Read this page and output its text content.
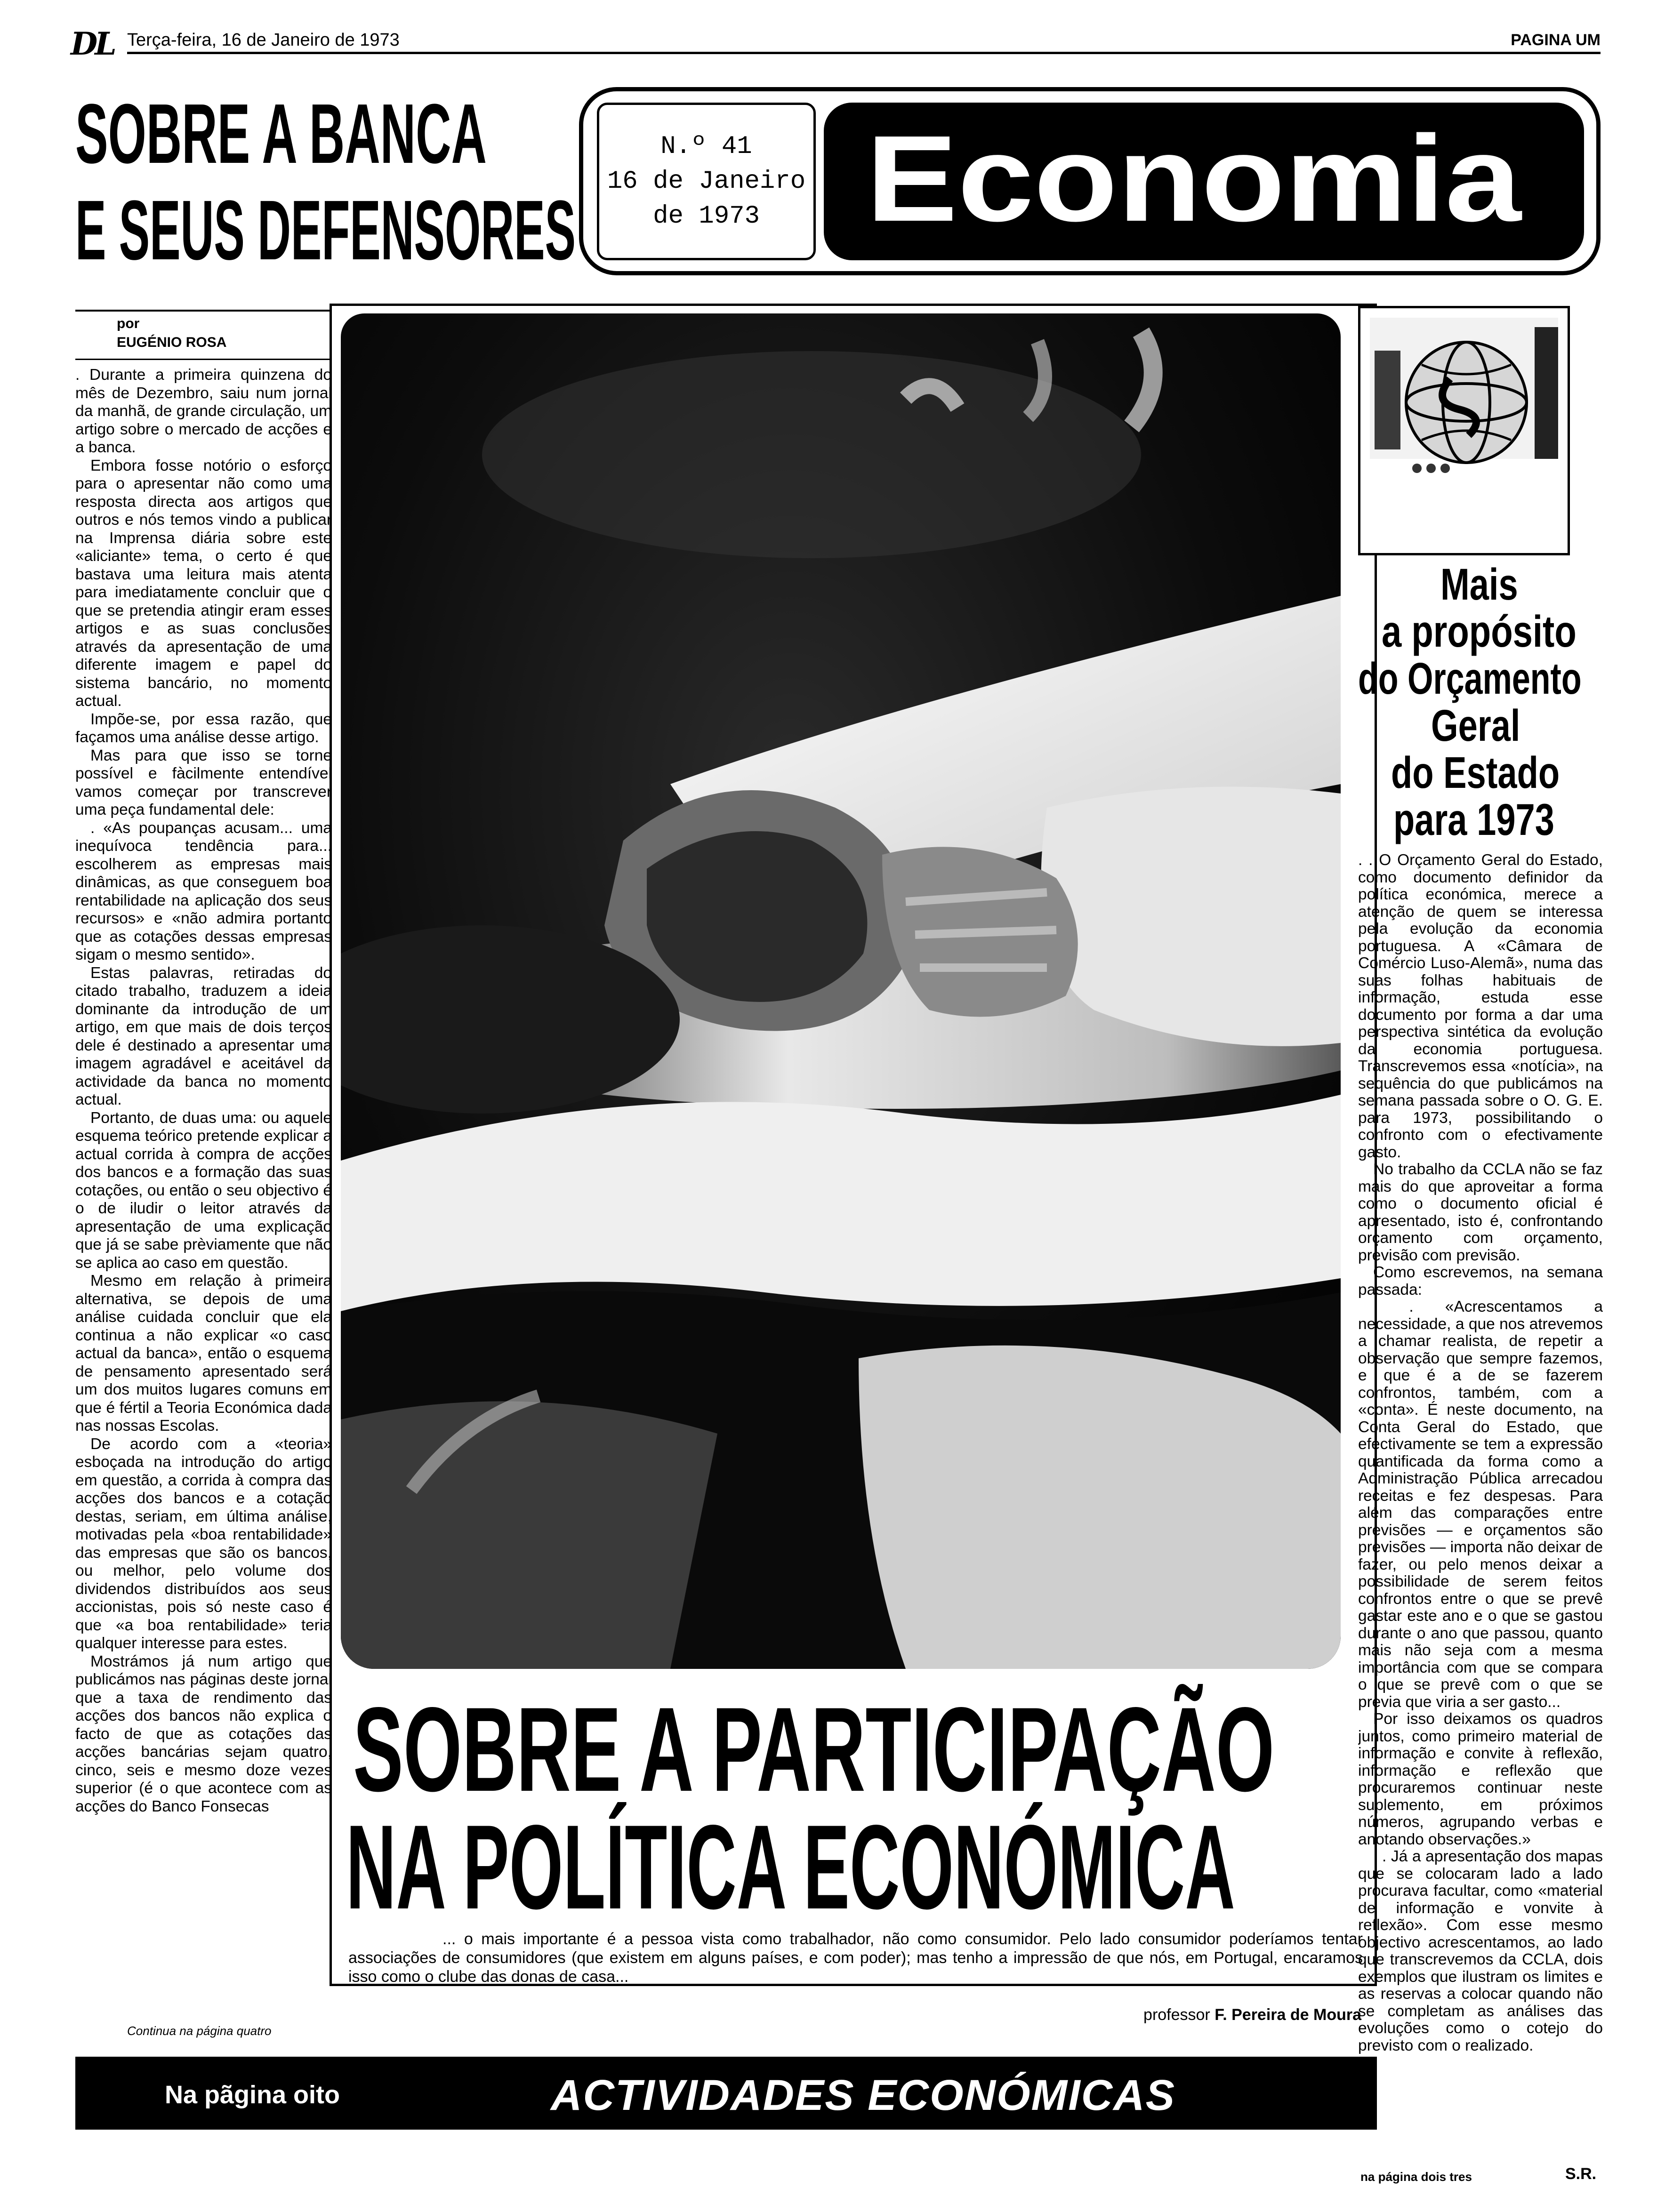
DL Terça-feira, 16 de Janeiro de 1973	PAGINA UM
SOBRE A BANCA
E SEUS DEFENSORES
N.º 41
16 de Janeiro
de 1973 Economia
por
EUGÉNIO ROSA

. Durante a primeira quinzena do mês de Dezembro, saiu num jornal da manhã, de grande circulação, um artigo sobre o mercado de acções e a banca.

Embora fosse notório o esforço para o apresentar não como uma resposta directa aos artigos que outros e nós temos vindo a publicar na Imprensa diária sobre este «aliciante» tema, o certo é que bastava uma leitura mais atenta para imediatamente concluir que o que se pretendia atingir eram esses artigos e as suas conclusões através da apresentação de uma diferente imagem e papel do sistema bancário, no momento actual.

Impõe-se, por essa razão, que façamos uma análise desse artigo.

Mas para que isso se torne possível e fàcilmente entendível vamos começar por transcrever uma peça fundamental dele:

. «As poupanças acusam... uma inequívoca tendência para... escolherem as empresas mais dinâmicas, as que conseguem boa rentabilidade na aplicação dos seus recursos» e «não admira portanto que as cotações dessas empresas sigam o mesmo sentido».

Estas palavras, retiradas do citado trabalho, traduzem a ideia dominante da introdução de um artigo, em que mais de dois terços dele é destinado a apresentar uma imagem agradável e aceitável da actividade da banca no momento actual.

Portanto, de duas uma: ou aquele esquema teórico pretende explicar a actual corrida à compra de acções dos bancos e a formação das suas cotações, ou então o seu objectivo é o de iludir o leitor através da apresentação de uma explicação que já se sabe prèviamente que não se aplica ao caso em questão.

Mesmo em relação à primeira alternativa, se depois de uma análise cuidada concluir que ela continua a não explicar «o caso actual da banca», então o esquema de pensamento apresentado será um dos muitos lugares comuns em que é fértil a Teoria Económica dada nas nossas Escolas.

De acordo com a «teoria» esboçada na introdução do artigo em questão, a corrida à compra das acções dos bancos e a cotação destas, seriam, em última análise, motivadas pela «boa rentabilidade» das empresas que são os bancos, ou melhor, pelo volume dos dividendos distribuídos aos seus accionistas, pois só neste caso é que «a boa rentabilidade» teria qualquer interesse para estes.

Mostrámos já num artigo que publicámos nas páginas deste jornal que a taxa de rendimento das acções dos bancos não explica o facto de que as cotações das acções bancárias sejam quatro, cinco, seis e mesmo doze vezes superior (é o que acontece com as acções do Banco Fonsecas

Continua na página quatro
SOBRE A PARTICIPAÇÃO
NA POLÍTICA ECONÓMICA
... o mais importante é a pessoa vista como trabalhador, não como consumidor. Pelo lado consumidor poderíamos tentar associações de consumidores (que existem em alguns países, e com poder); mas tenho a impressão de que nós, em Portugal, encaramos isso como o clube das donas de casa...
professor F. Pereira de Moura
Mais
a propósito
do Orçamento
Geral
do Estado
para 1973

. . O Orçamento Geral do Estado, como documento definidor da política económica, merece a atenção de quem se interessa pela evolução da economia portuguesa. A «Câmara de Comércio Luso-Alemã», numa das suas folhas habituais de informação, estuda esse documento por forma a dar uma perspectiva sintética da evolução da economia portuguesa. Transcrevemos essa «notícia», na sequência do que publicámos na semana passada sobre o O. G. E. para 1973, possibilitando o confronto com o efectivamente gasto.

No trabalho da CCLA não se faz mais do que aproveitar a forma como o documento oficial é apresentado, isto é, confrontando orçamento com orçamento, previsão com previsão.

Como escrevemos, na semana passada:

. . «Acrescentamos a necessidade, a que nos atrevemos a chamar realista, de repetir a observação que sempre fazemos, e que é a de se fazerem confrontos, também, com a «conta». É neste documento, na Conta Geral do Estado, que efectivamente se tem a expressão quantificada da forma como a Administração Pública arrecadou receitas e fez despesas. Para além das comparações entre previsões — e orçamentos são previsões — importa não deixar de fazer, ou pelo menos deixar a possibilidade de serem feitos confrontos entre o que se prevê gastar este ano e o que se gastou durante o ano que passou, quanto mais não seja com a mesma importância com que se compara o que se prevê com o que se previa que viria a ser gasto...

Por isso deixamos os quadros juntos, como primeiro material de informação e convite à reflexão, informação e reflexão que procuraremos continuar neste suplemento, em próximos números, agrupando verbas e anotando observações.»

. . Já a apresentação dos mapas que se colocaram lado a lado procurava facultar, como «material de informação e vonvite à reflexão». Com esse mesmo objectivo acrescentamos, ao lado que transcrevemos da CCLA, dois exemplos que ilustram os limites e as reservas a colocar quando não se completam as análises das evoluções como o cotejo do previsto com o realizado.

Na pãgina oito	ACTIVIDADES ECONÓMICAS
na página dois tres	S.R.
